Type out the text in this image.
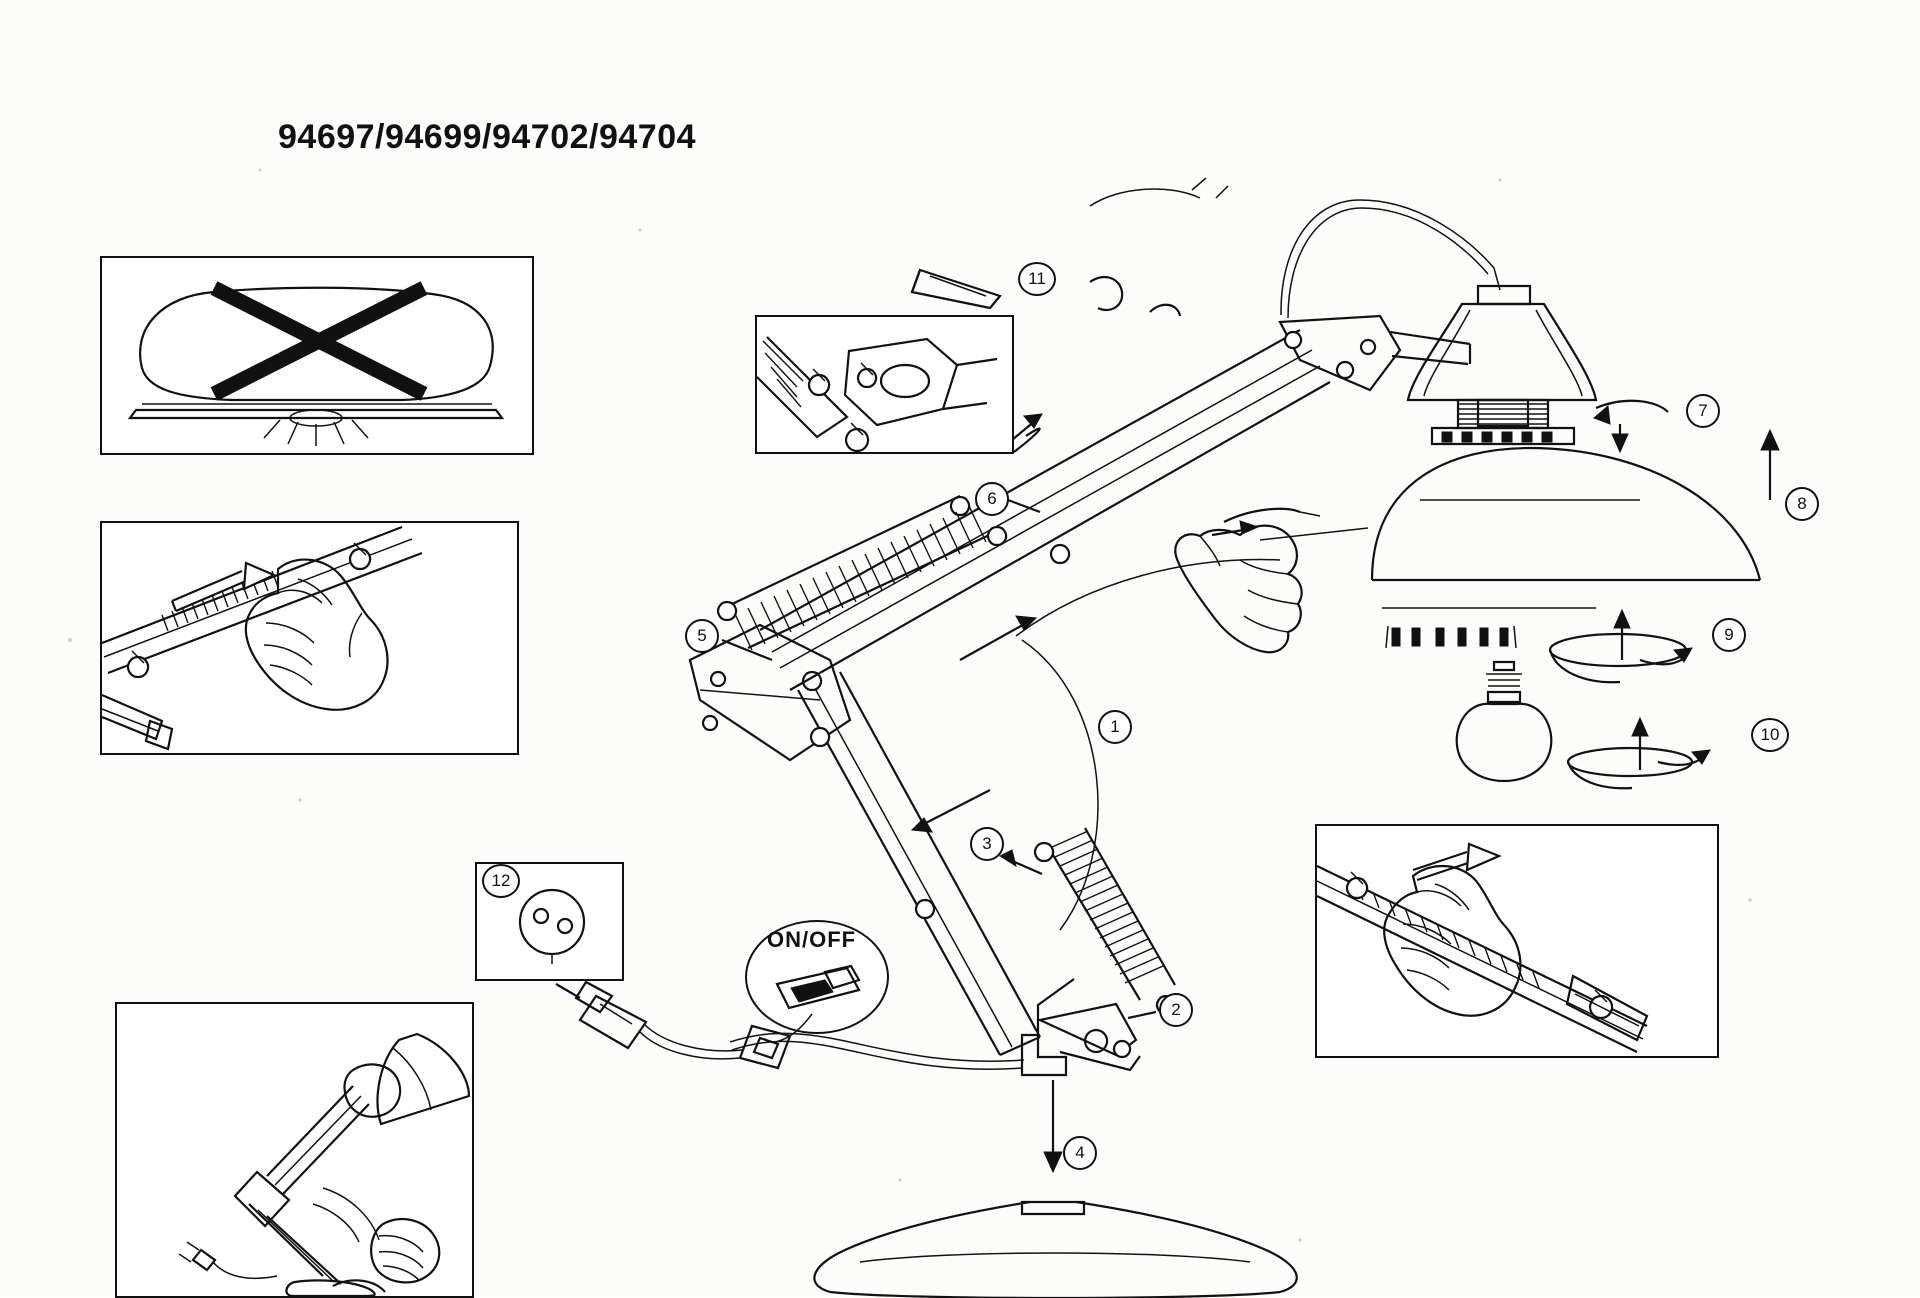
94697/94699/94702/94704
ON/OFF
1
2
3
4
5
6
7
8
9
10
11
12
